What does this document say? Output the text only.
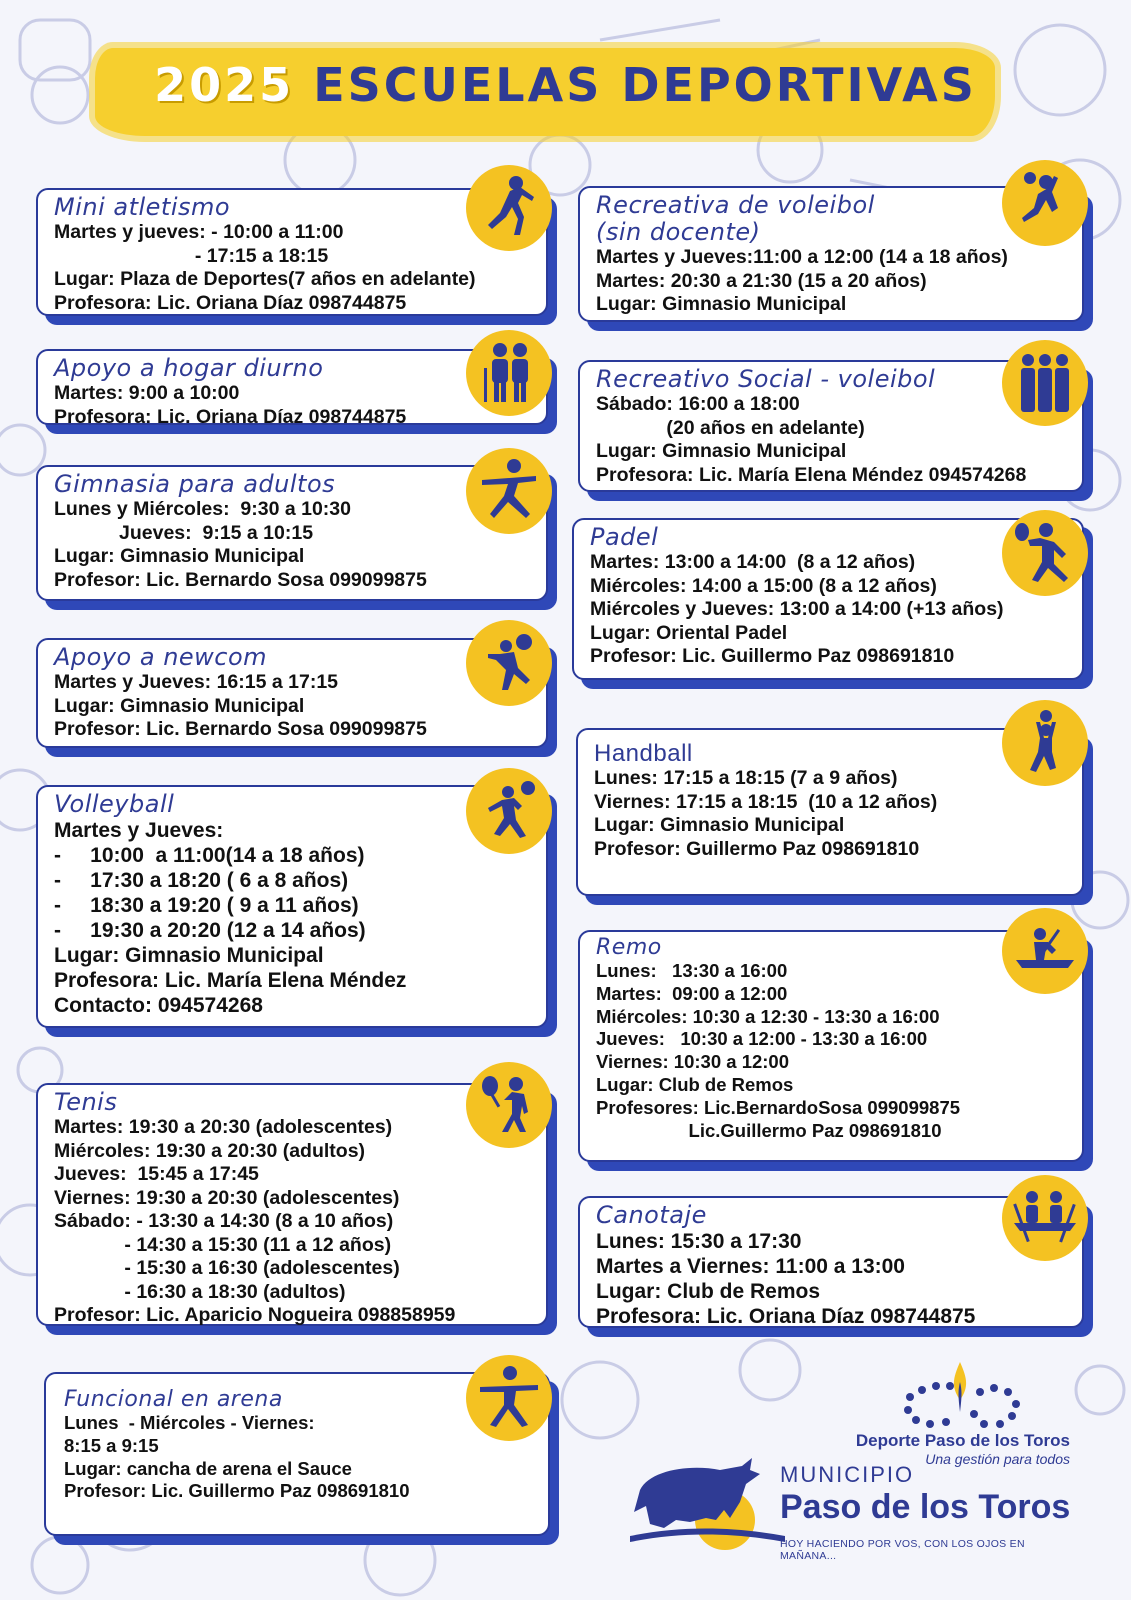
2025 ESCUELAS DEPORTIVAS
Mini atletismo
Martes y jueves: - 10:00 a 11:00
- 17:15 a 18:15
Lugar: Plaza de Deportes(7 años en adelante)
Profesora: Lic. Oriana Díaz 098744875
Apoyo a hogar diurno
Martes: 9:00 a 10:00
Profesora: Lic. Oriana Díaz 098744875
Gimnasia para adultos
Lunes y Miércoles:  9:30 a 10:30
Jueves:  9:15 a 10:15
Lugar: Gimnasio Municipal
Profesor: Lic. Bernardo Sosa 099099875
Apoyo a newcom
Martes y Jueves: 16:15 a 17:15
Lugar: Gimnasio Municipal
Profesor: Lic. Bernardo Sosa 099099875
Volleyball
Martes y Jueves:
-     10:00  a 11:00(14 a 18 años)
-     17:30 a 18:20 ( 6 a 8 años)
-     18:30 a 19:20 ( 9 a 11 años)
-     19:30 a 20:20 (12 a 14 años)
Lugar: Gimnasio Municipal
Profesora: Lic. María Elena Méndez
Contacto: 094574268
Tenis
Martes: 19:30 a 20:30 (adolescentes)
Miércoles: 19:30 a 20:30 (adultos)
Jueves:  15:45 a 17:45
Viernes: 19:30 a 20:30 (adolescentes)
Sábado: - 13:30 a 14:30 (8 a 10 años)
- 14:30 a 15:30 (11 a 12 años)
- 15:30 a 16:30 (adolescentes)
- 16:30 a 18:30 (adultos)
Profesor: Lic. Aparicio Nogueira 098858959
Funcional en arena
Lunes  - Miércoles - Viernes:
8:15 a 9:15
Lugar: cancha de arena el Sauce
Profesor: Lic. Guillermo Paz 098691810
Recreativa de voleibol
(sin docente)
Martes y Jueves:11:00 a 12:00 (14 a 18 años)
Martes: 20:30 a 21:30 (15 a 20 años)
Lugar: Gimnasio Municipal
Recreativo Social - voleibol
Sábado: 16:00 a 18:00
(20 años en adelante)
Lugar: Gimnasio Municipal
Profesora: Lic. María Elena Méndez 094574268
Padel
Martes: 13:00 a 14:00  (8 a 12 años)
Miércoles: 14:00 a 15:00 (8 a 12 años)
Miércoles y Jueves: 13:00 a 14:00 (+13 años)
Lugar: Oriental Padel
Profesor: Lic. Guillermo Paz 098691810
Handball
Lunes: 17:15 a 18:15 (7 a 9 años)
Viernes: 17:15 a 18:15  (10 a 12 años)
Lugar: Gimnasio Municipal
Profesor: Guillermo Paz 098691810
Remo
Lunes:   13:30 a 16:00
Martes:  09:00 a 12:00
Miércoles: 10:30 a 12:30 - 13:30 a 16:00
Jueves:   10:30 a 12:00 - 13:30 a 16:00
Viernes: 10:30 a 12:00
Lugar: Club de Remos
Profesores: Lic.BernardoSosa 099099875
Lic.Guillermo Paz 098691810
Canotaje
Lunes: 15:30 a 17:30
Martes a Viernes: 11:00 a 13:00
Lugar: Club de Remos
Profesora: Lic. Oriana Díaz 098744875
Deporte Paso de los Toros
Una gestión para todos
MUNICIPIO
Paso de los Toros
HOY HACIENDO POR VOS, CON LOS OJOS EN MAÑANA...
